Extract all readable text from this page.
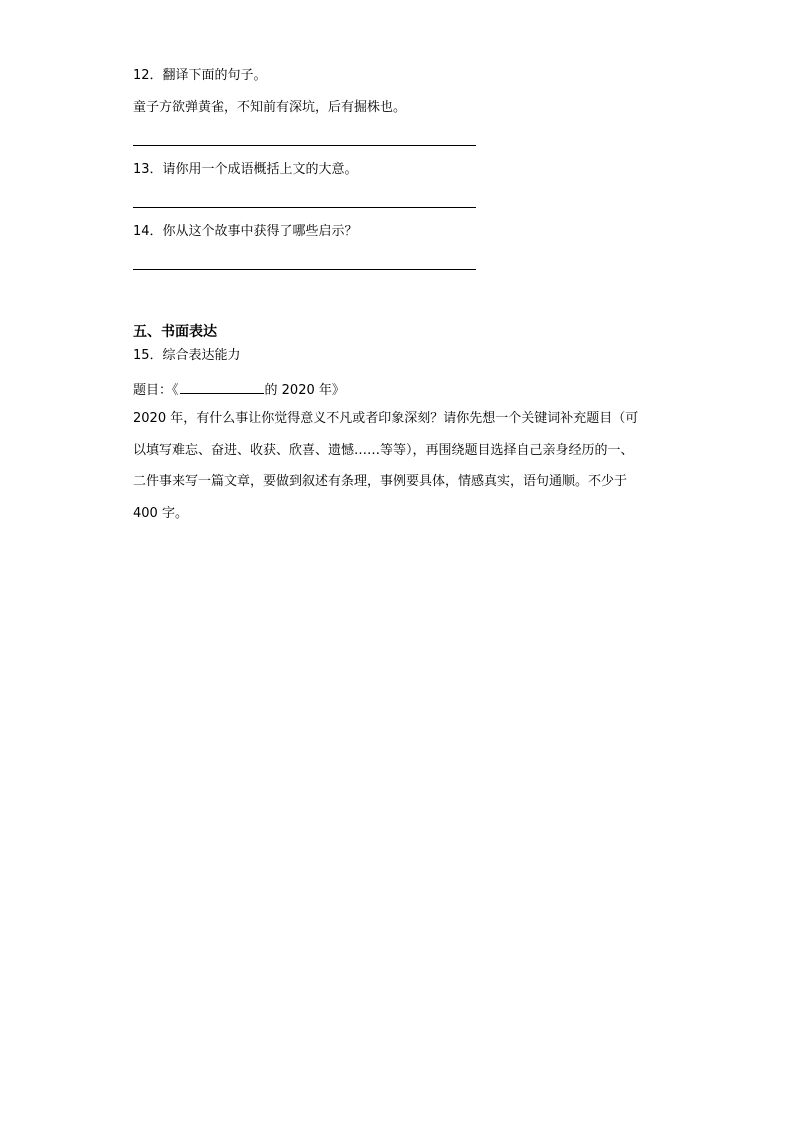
12．翻译下面的句子。
童子方欲弹黄雀，不知前有深坑，后有掘株也。
13．请你用一个成语概括上文的大意。
14．你从这个故事中获得了哪些启示？
五、书面表达
15．综合表达能力
题目：《	的 2020 年》
2020 年，有什么事让你觉得意义不凡或者印象深刻？请你先想一个关键词补充题目（可
以填写难忘、奋进、收获、欣喜、遗憾……等等），再围绕题目选择自己亲身经历的一、
二件事来写一篇文章，要做到叙述有条理，事例要具体，情感真实，语句通顺。不少于
400 字。
